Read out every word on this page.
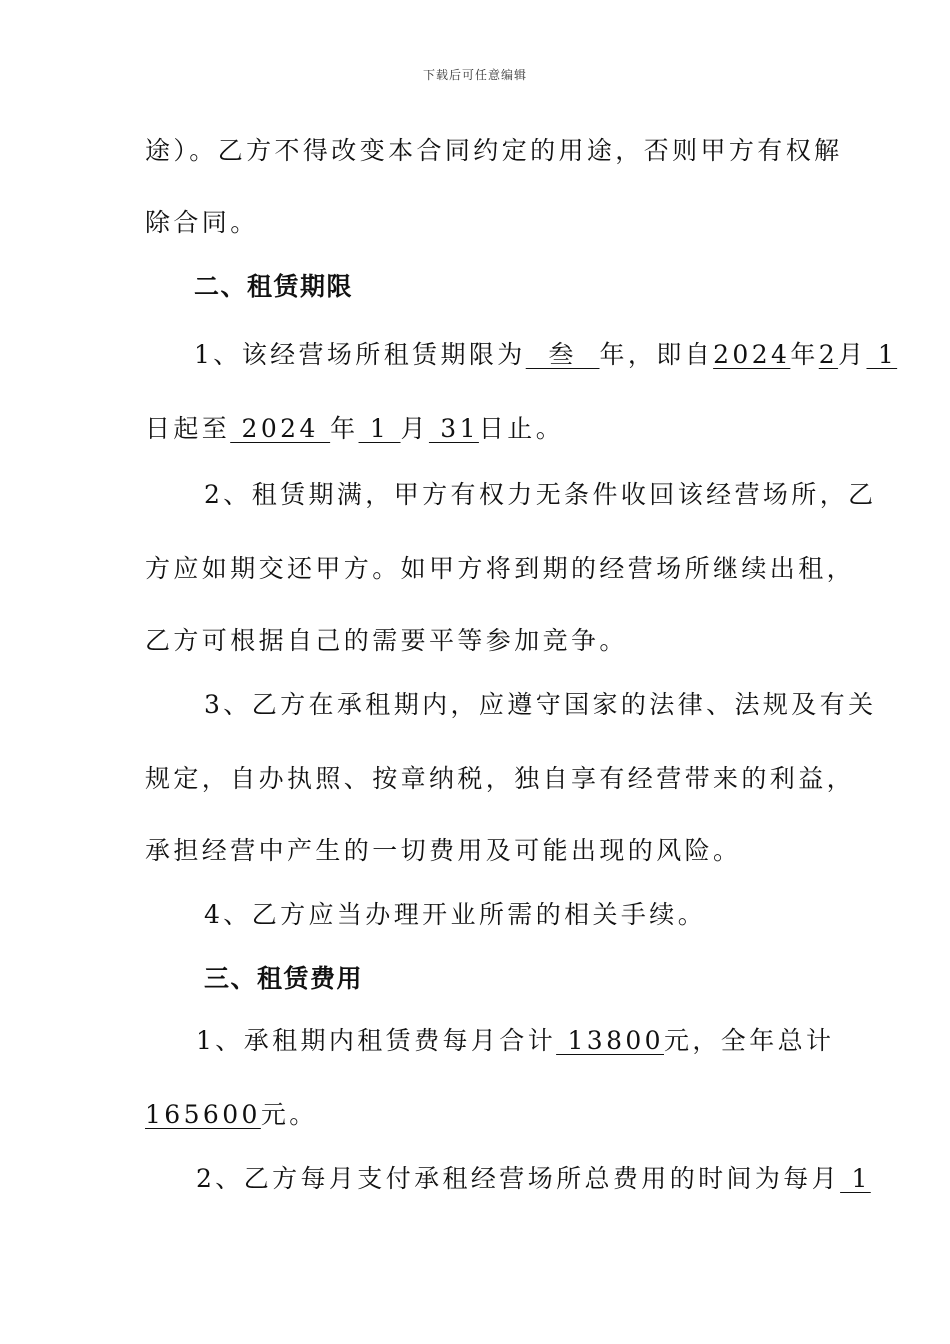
下载后可任意编辑
途）。乙方不得改变本合同约定的用途，否则甲方有权解
除合同。
二、租赁期限
1、该经营场所租赁期限为  叁  年，即自2024年2月 1
日起至 2024 年 1 月 31日止。
2、租赁期满，甲方有权力无条件收回该经营场所，乙
方应如期交还甲方。如甲方将到期的经营场所继续出租，
乙方可根据自己的需要平等参加竞争。
3、乙方在承租期内，应遵守国家的法律、法规及有关
规定，自办执照、按章纳税，独自享有经营带来的利益，
承担经营中产生的一切费用及可能出现的风险。
4、乙方应当办理开业所需的相关手续。
三、租赁费用
1、承租期内租赁费每月合计 13800元，全年总计
165600元。
2、乙方每月支付承租经营场所总费用的时间为每月 1
